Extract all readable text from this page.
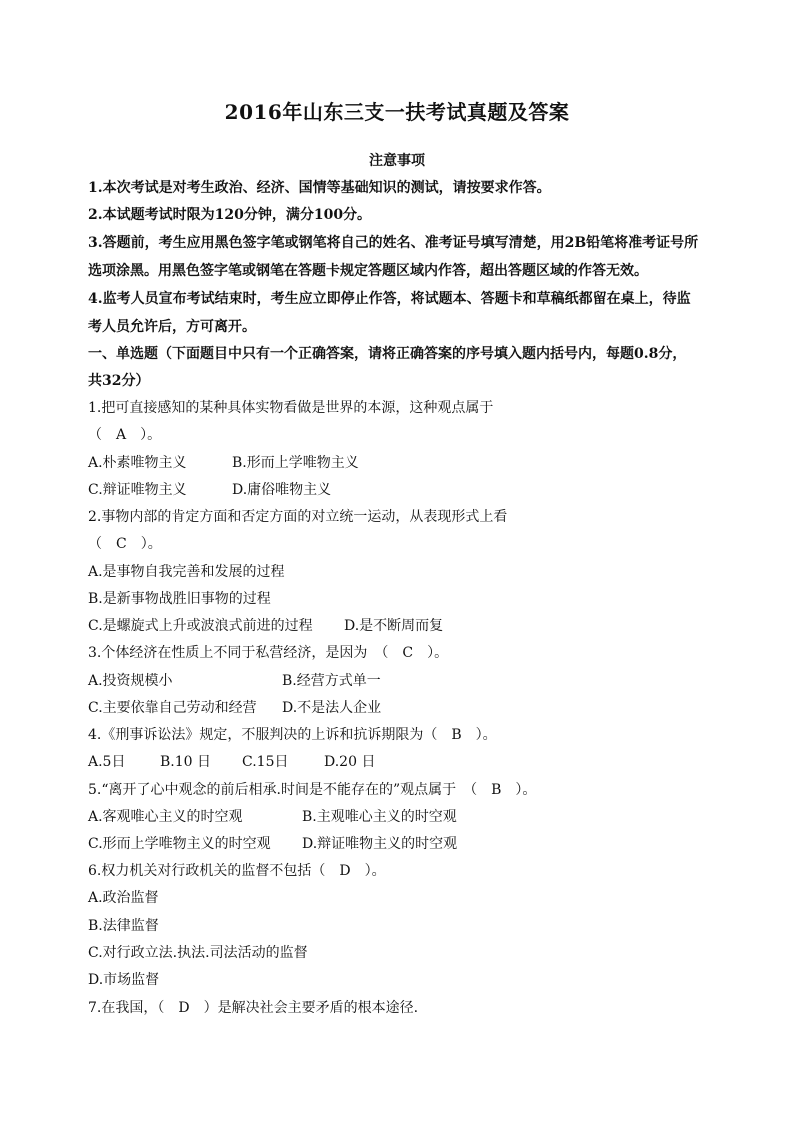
2016年山东三支一扶考试真题及答案
注意事项
1.本次考试是对考生政治、经济、国情等基础知识的测试，请按要求作答。
2.本试题考试时限为120分钟，满分100分。
3.答题前，考生应用黑色签字笔或钢笔将自己的姓名、准考证号填写清楚，用2B铅笔将准考证号所
选项涂黑。用黑色签字笔或钢笔在答题卡规定答题区域内作答，超出答题区域的作答无效。
4.监考人员宣布考试结束时，考生应立即停止作答，将试题本、答题卡和草稿纸都留在桌上，待监
考人员允许后，方可离开。
一、单选题（下面题目中只有一个正确答案，请将正确答案的序号填入题内括号内，每题0.8分，
共32分）
1.把可直接感知的某种具体实物看做是世界的本源，这种观点属于
（　A　）。
A.朴素唯物主义	B.形而上学唯物主义
C.辩证唯物主义	D.庸俗唯物主义
2.事物内部的肯定方面和否定方面的对立统一运动，从表现形式上看
（　C　）。
A.是事物自我完善和发展的过程
B.是新事物战胜旧事物的过程
C.是螺旋式上升或波浪式前进的过程 D.是不断周而复
3.个体经济在性质上不同于私营经济，是因为　（　C　）。
A.投资规模小	B.经营方式单一
C.主要依靠自己劳动和经营 D.不是法人企业
4.《刑事诉讼法》规定，不服判决的上诉和抗诉期限为（　B　）。
A.5日 B.10 日 C.15日	D.20 日
5.“离开了心中观念的前后相承.时间是不能存在的”观点属于　（　B　）。
A.客观唯心主义的时空观	B.主观唯心主义的时空观
C.形而上学唯物主义的时空观 D.辩证唯物主义的时空观
6.权力机关对行政机关的监督不包括（　D　）。
A.政治监督
B.法律监督
C.对行政立法.执法.司法活动的监督
D.市场监督
7.在我国，（　D　）是解决社会主要矛盾的根本途径.
